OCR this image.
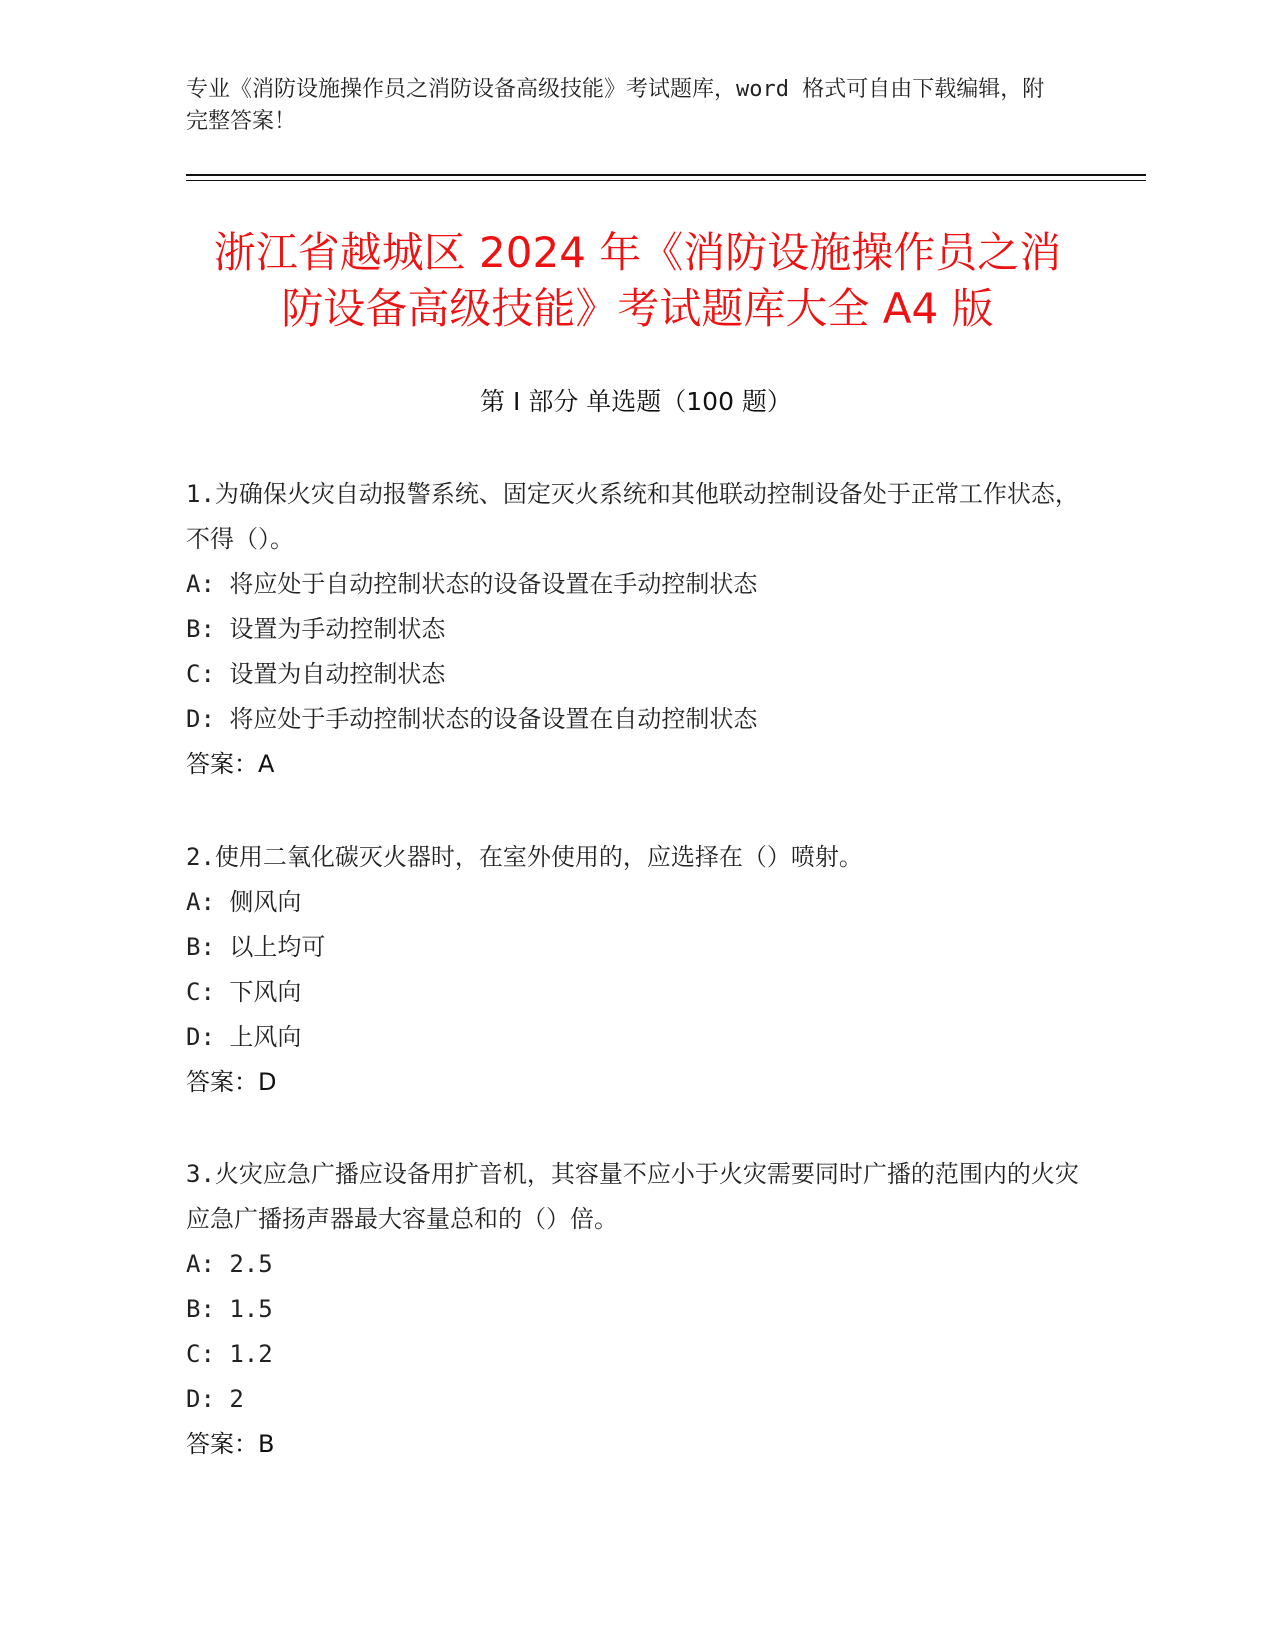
专业《消防设施操作员之消防设备高级技能》考试题库，word 格式可自由下载编辑，附完整答案！

浙江省越城区 2024 年《消防设施操作员之消
防设备高级技能》考试题库大全 A4 版
第 I 部分 单选题（100 题）

1.为确保火灾自动报警系统、固定灭火系统和其他联动控制设备处于正常工作状态，不得（）。

A: 将应处于自动控制状态的设备设置在手动控制状态

B: 设置为手动控制状态

C: 设置为自动控制状态

D: 将应处于手动控制状态的设备设置在自动控制状态

答案：A

2.使用二氧化碳灭火器时，在室外使用的，应选择在（）喷射。

A: 侧风向

B: 以上均可

C: 下风向

D: 上风向

答案：D

3.火灾应急广播应设备用扩音机，其容量不应小于火灾需要同时广播的范围内的火灾应急广播扬声器最大容量总和的（）倍。

A: 2.5

B: 1.5

C: 1.2

D: 2

答案：B
